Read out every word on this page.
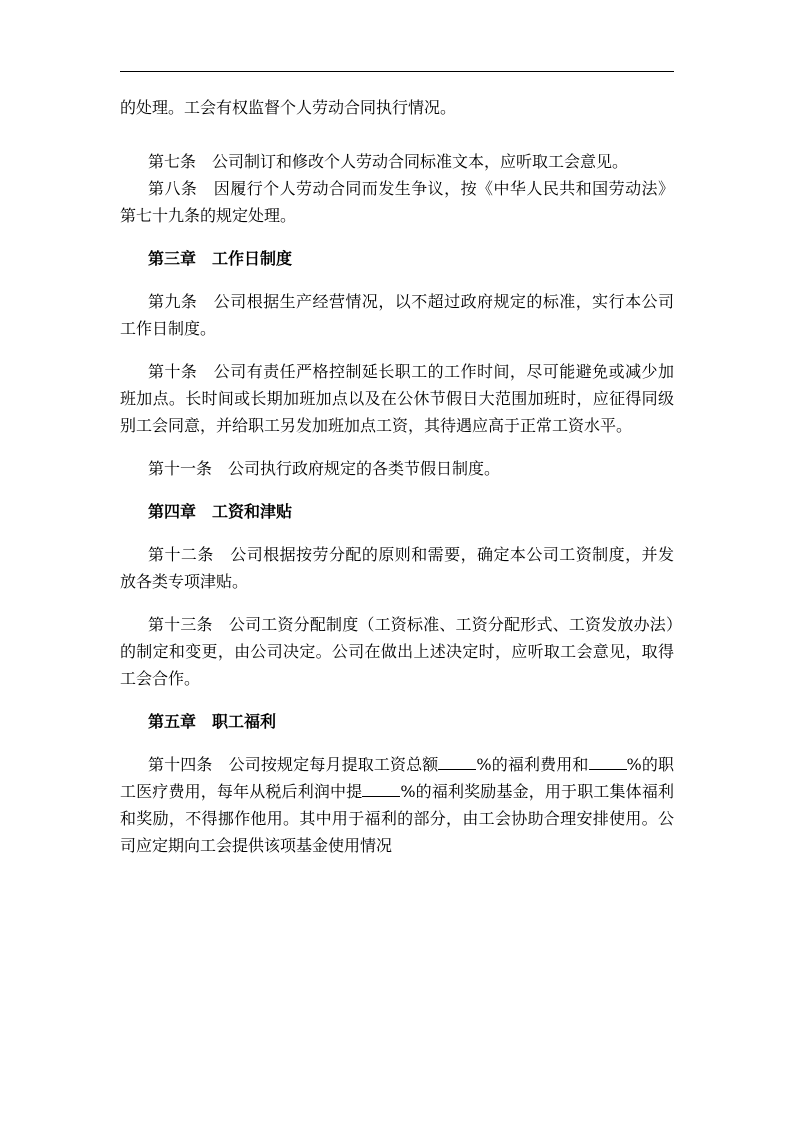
的处理。工会有权监督个人劳动合同执行情况。

第七条　公司制订和修改个人劳动合同标准文本，应听取工会意见。

第八条　因履行个人劳动合同而发生争议，按《中华人民共和国劳动法》第七十九条的规定处理。

第三章　工作日制度

第九条　公司根据生产经营情况，以不超过政府规定的标准，实行本公司工作日制度。

第十条　公司有责任严格控制延长职工的工作时间，尽可能避免或减少加班加点。长时间或长期加班加点以及在公休节假日大范围加班时，应征得同级别工会同意，并给职工另发加班加点工资，其待遇应高于正常工资水平。

第十一条　公司执行政府规定的各类节假日制度。

第四章　工资和津贴

第十二条　公司根据按劳分配的原则和需要，确定本公司工资制度，并发放各类专项津贴。

第十三条　公司工资分配制度（工资标准、工资分配形式、工资发放办法）的制定和变更，由公司决定。公司在做出上述决定时，应听取工会意见，取得工会合作。

第五章　职工福利

第十四条　公司按规定每月提取工资总额 %的福利费用和 %的职工医疗费用，每年从税后利润中提 %的福利奖励基金，用于职工集体福利和奖励，不得挪作他用。其中用于福利的部分，由工会协助合理安排使用。公司应定期向工会提供该项基金使用情况
